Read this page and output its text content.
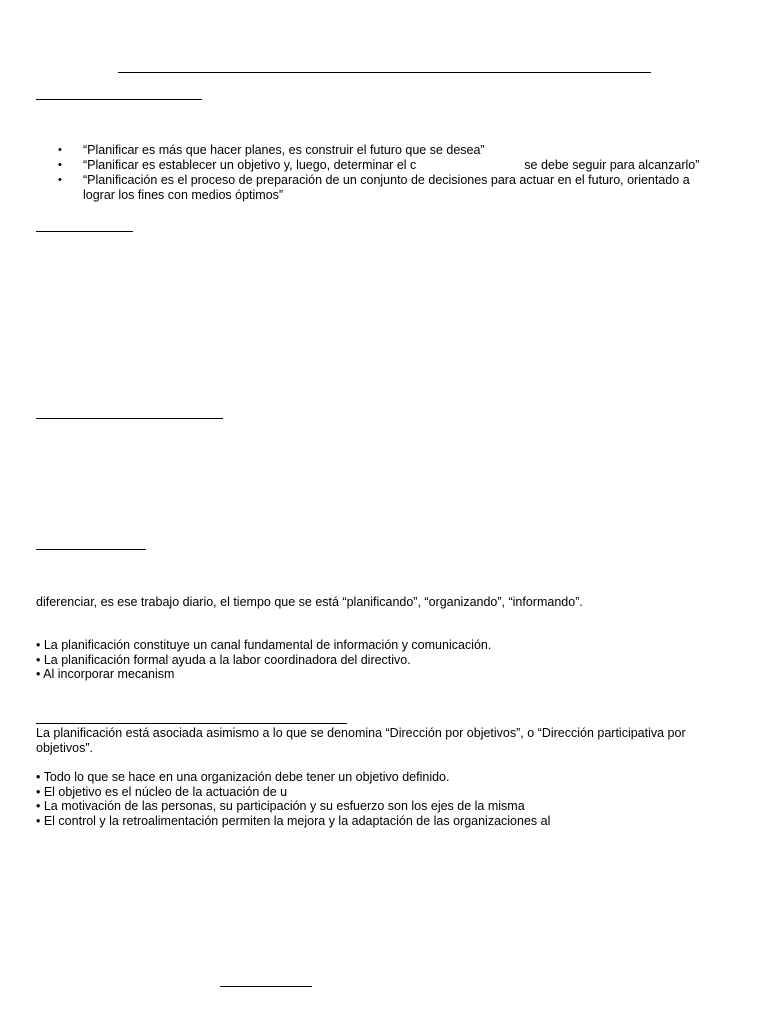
• “Planificar es más que hacer planes, es construir el futuro que se desea”
• “Planificar es establecer un objetivo y, luego, determinar el c	se debe seguir para alcanzarlo”
• “Planificación es el proceso de preparación de un conjunto de decisiones para actuar en el futuro, orientado a
lograr los fines con medios óptimos”
diferenciar, es ese trabajo diario, el tiempo que se está “planificando”, “organizando”, “informando”.
• La planificación constituye un canal fundamental de información y comunicación.
• La planificación formal ayuda a la labor coordinadora del directivo.
• Al incorporar mecanism
La planificación está asociada asimismo a lo que se denomina “Dirección por objetivos”, o “Dirección participativa por
objetivos”.
• Todo lo que se hace en una organización debe tener un objetivo definido.
• El objetivo es el núcleo de la actuación de u
• La motivación de las personas, su participación y su esfuerzo son los ejes de la misma
• El control y la retroalimentación permiten la mejora y la adaptación de las organizaciones al
